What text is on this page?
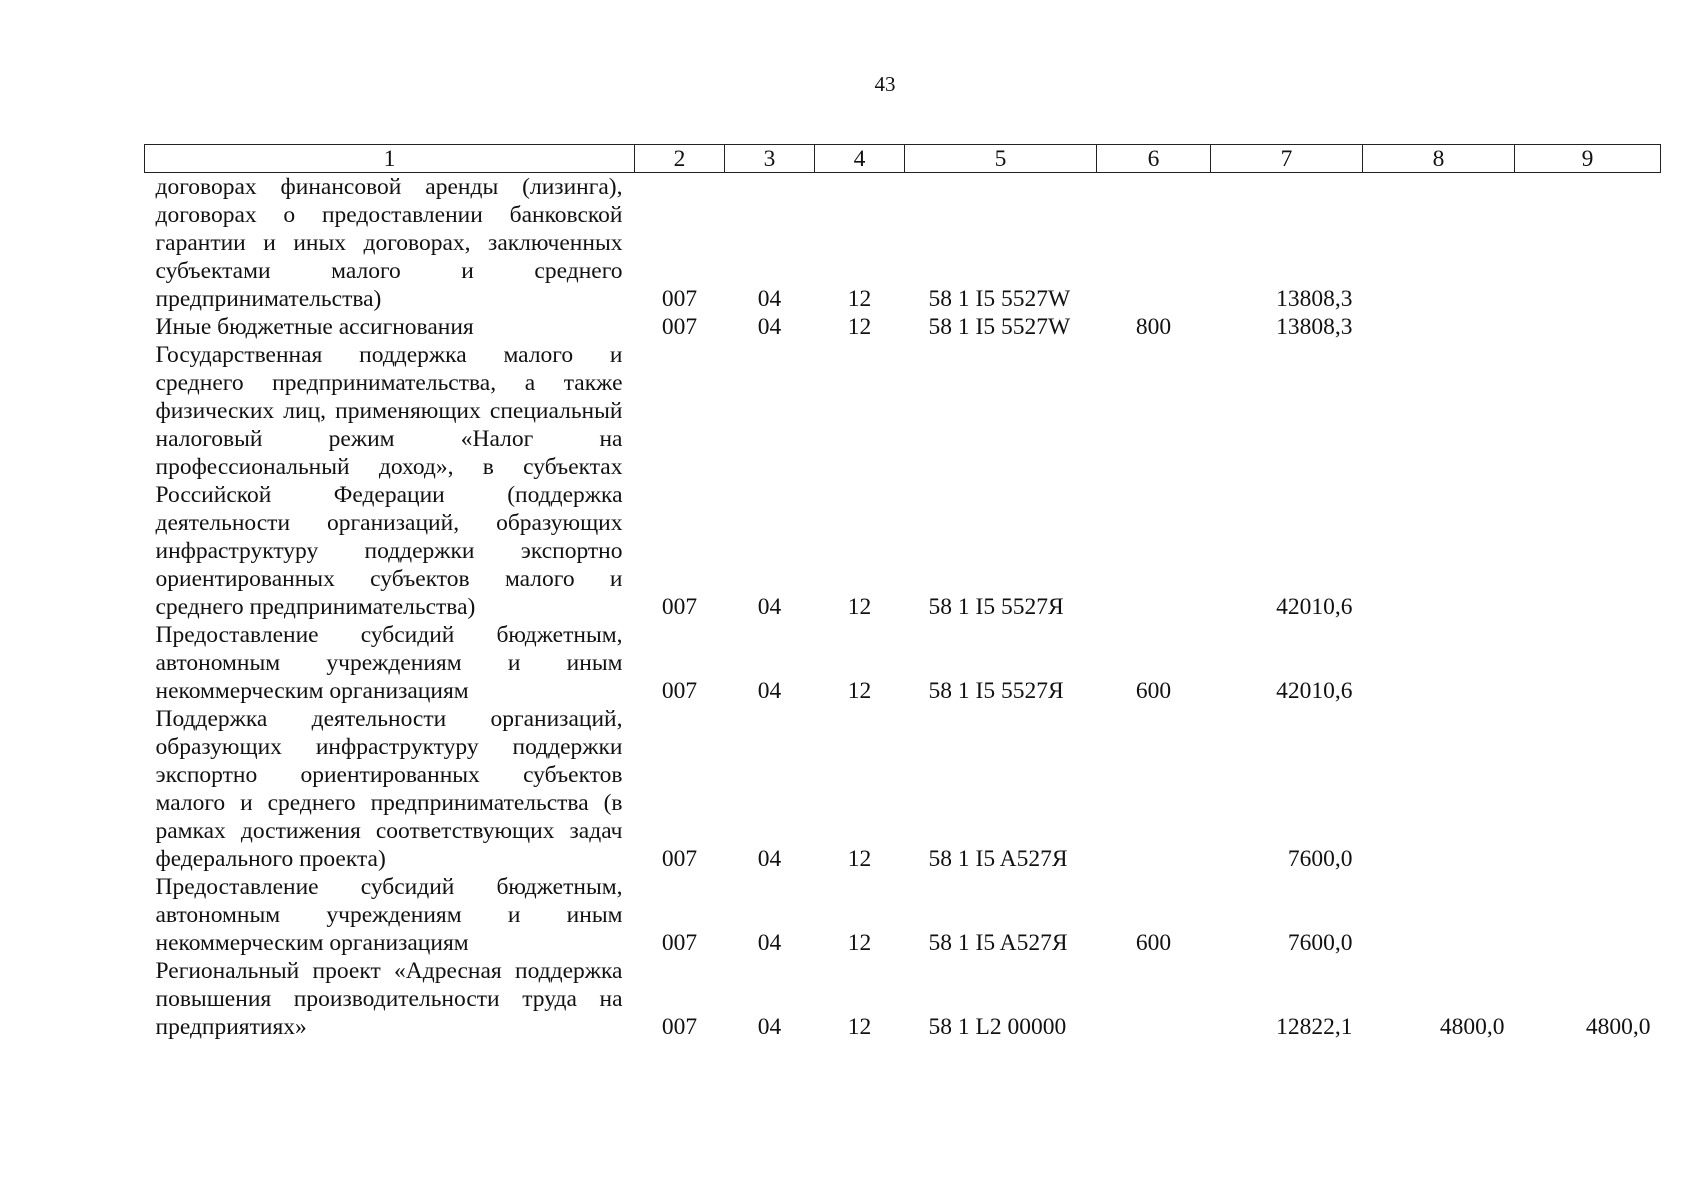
43
1	2	3	4	5	6	7	8	9
договорах финансовой аренды (лизинга), договорах о предоставлении банковской гарантии и иных договорах, заключенных субъектами малого и среднего предпринимательства)	007	04	12	58 1 I5 5527W		13808,3		
Иные бюджетные ассигнования	007	04	12	58 1 I5 5527W	800	13808,3		
Государственная поддержка малого и среднего предпринимательства, а также физических лиц, применяющих специальный налоговый режим «Налог на профессиональный доход», в субъектах Российской Федерации (поддержка деятельности организаций, образующих инфраструктуру поддержки экспортно ориентированных субъектов малого и среднего предпринимательства)	007	04	12	58 1 I5 5527Я		42010,6		
Предоставление субсидий бюджетным, автономным учреждениям и иным некоммерческим организациям	007	04	12	58 1 I5 5527Я	600	42010,6		
Поддержка деятельности организаций, образующих инфраструктуру поддержки экспортно ориентированных субъектов малого и среднего предпринимательства (в рамках достижения соответствующих задач федерального проекта)	007	04	12	58 1 I5 A527Я		7600,0		
Предоставление субсидий бюджетным, автономным учреждениям и иным некоммерческим организациям	007	04	12	58 1 I5 A527Я	600	7600,0		
Региональный проект «Адресная поддержка повышения производительности труда на предприятиях»	007	04	12	58 1 L2 00000		12822,1	4800,0	4800,0
